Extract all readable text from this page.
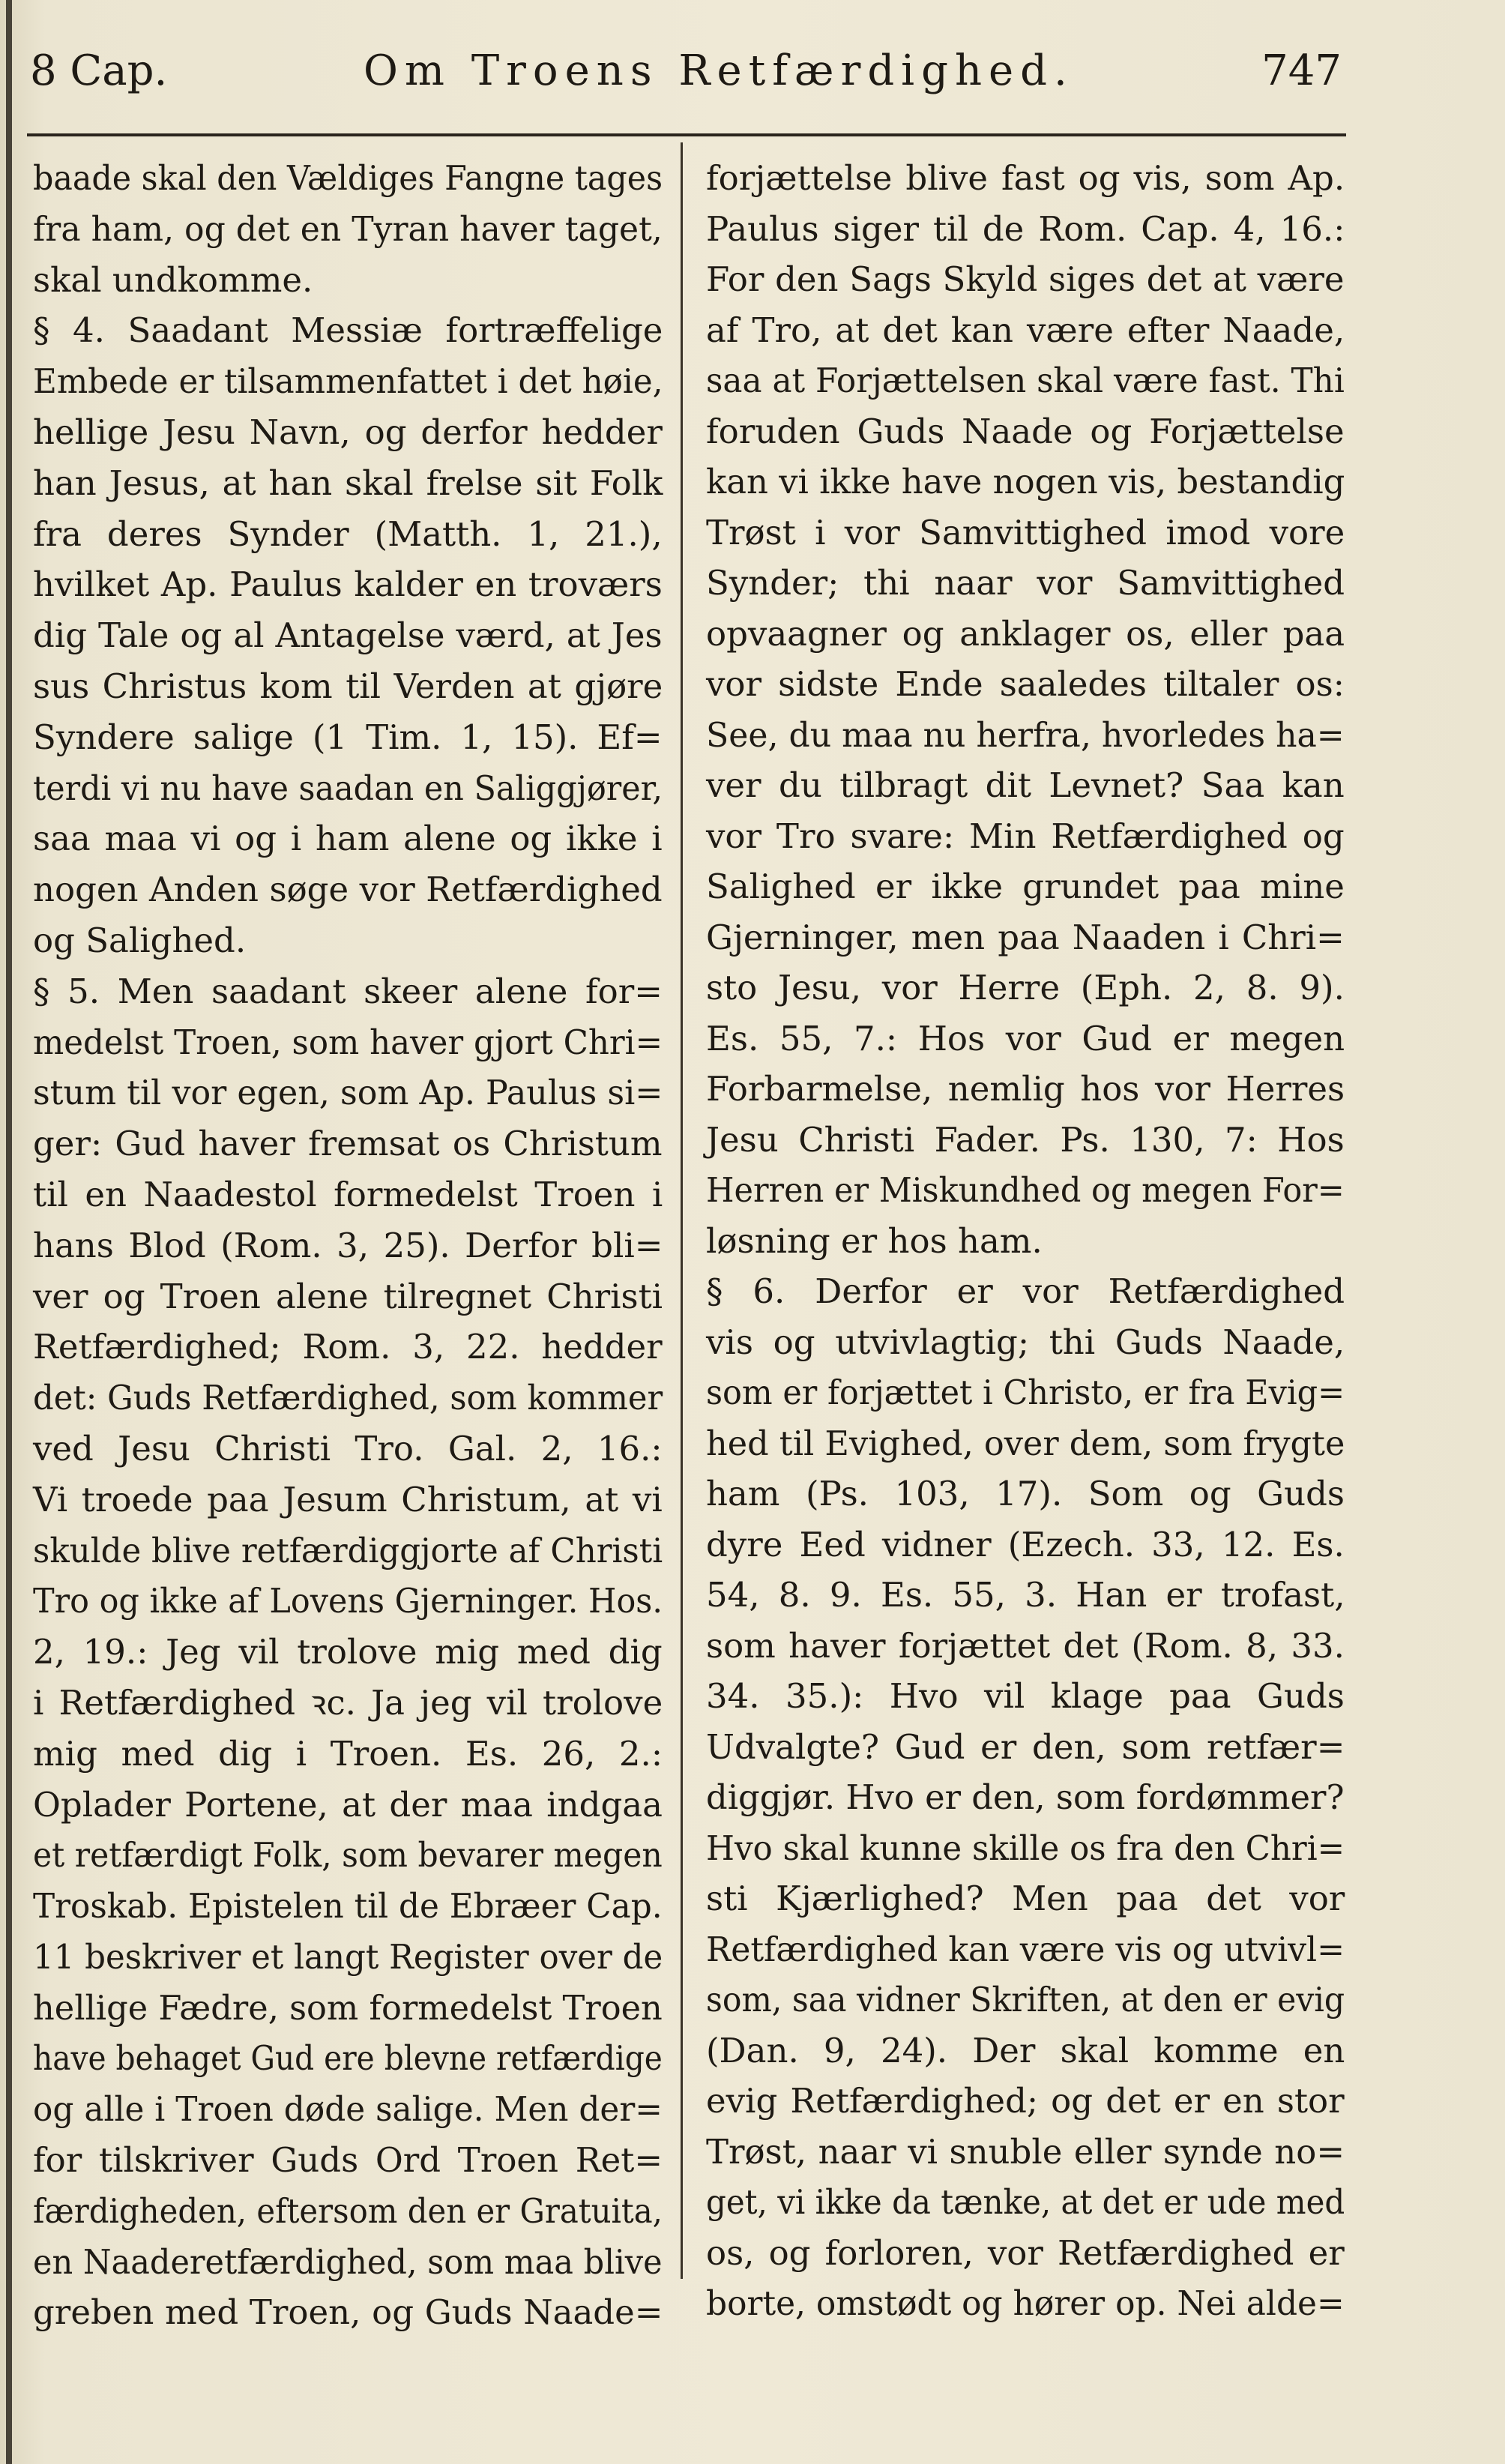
8 Cap.	Om Troens Retfærdighed.	747
baade skal den Vældiges Fangne tages
fra ham, og det en Tyran haver taget,
skal undkomme.
§ 4. Saadant Messiæ fortræffelige
Embede er tilsammenfattet i det høie,
hellige Jesu Navn, og derfor hedder
han Jesus, at han skal frelse sit Folk
fra deres Synder (Matth. 1, 21.),
hvilket Ap. Paulus kalder en troværs
dig Tale og al Antagelse værd, at Jes
sus Christus kom til Verden at gjøre
Syndere salige (1 Tim. 1, 15). Ef=
terdi vi nu have saadan en Saliggjører,
saa maa vi og i ham alene og ikke i
nogen Anden søge vor Retfærdighed
og Salighed.
§ 5. Men saadant skeer alene for=
medelst Troen, som haver gjort Chri=
stum til vor egen, som Ap. Paulus si=
ger: Gud haver fremsat os Christum
til en Naadestol formedelst Troen i
hans Blod (Rom. 3, 25). Derfor bli=
ver og Troen alene tilregnet Christi
Retfærdighed; Rom. 3, 22. hedder
det: Guds Retfærdighed, som kommer
ved Jesu Christi Tro. Gal. 2, 16.:
Vi troede paa Jesum Christum, at vi
skulde blive retfærdiggjorte af Christi
Tro og ikke af Lovens Gjerninger. Hos.
2, 19.: Jeg vil trolove mig med dig
i Retfærdighed ꝛc. Ja jeg vil trolove
mig med dig i Troen. Es. 26, 2.:
Oplader Portene, at der maa indgaa
et retfærdigt Folk, som bevarer megen
Troskab. Epistelen til de Ebræer Cap.
11 beskriver et langt Register over de
hellige Fædre, som formedelst Troen
have behaget Gud ere blevne retfærdige
og alle i Troen døde salige. Men der=
for tilskriver Guds Ord Troen Ret=
færdigheden, eftersom den er Gratuita,
en Naaderetfærdighed, som maa blive
greben med Troen, og Guds Naade=
forjættelse blive fast og vis, som Ap.
Paulus siger til de Rom. Cap. 4, 16.:
For den Sags Skyld siges det at være
af Tro, at det kan være efter Naade,
saa at Forjættelsen skal være fast. Thi
foruden Guds Naade og Forjættelse
kan vi ikke have nogen vis, bestandig
Trøst i vor Samvittighed imod vore
Synder; thi naar vor Samvittighed
opvaagner og anklager os, eller paa
vor sidste Ende saaledes tiltaler os:
See, du maa nu herfra, hvorledes ha=
ver du tilbragt dit Levnet? Saa kan
vor Tro svare: Min Retfærdighed og
Salighed er ikke grundet paa mine
Gjerninger, men paa Naaden i Chri=
sto Jesu, vor Herre (Eph. 2, 8. 9).
Es. 55, 7.: Hos vor Gud er megen
Forbarmelse, nemlig hos vor Herres
Jesu Christi Fader. Ps. 130, 7: Hos
Herren er Miskundhed og megen For=
løsning er hos ham.
§ 6. Derfor er vor Retfærdighed
vis og utvivlagtig; thi Guds Naade,
som er forjættet i Christo, er fra Evig=
hed til Evighed, over dem, som frygte
ham (Ps. 103, 17). Som og Guds
dyre Eed vidner (Ezech. 33, 12. Es.
54, 8. 9. Es. 55, 3. Han er trofast,
som haver forjættet det (Rom. 8, 33.
34. 35.): Hvo vil klage paa Guds
Udvalgte? Gud er den, som retfær=
diggjør. Hvo er den, som fordømmer?
Hvo skal kunne skille os fra den Chri=
sti Kjærlighed? Men paa det vor
Retfærdighed kan være vis og utvivl=
som, saa vidner Skriften, at den er evig
(Dan. 9, 24). Der skal komme en
evig Retfærdighed; og det er en stor
Trøst, naar vi snuble eller synde no=
get, vi ikke da tænke, at det er ude med
os, og forloren, vor Retfærdighed er
borte, omstødt og hører op. Nei alde=
